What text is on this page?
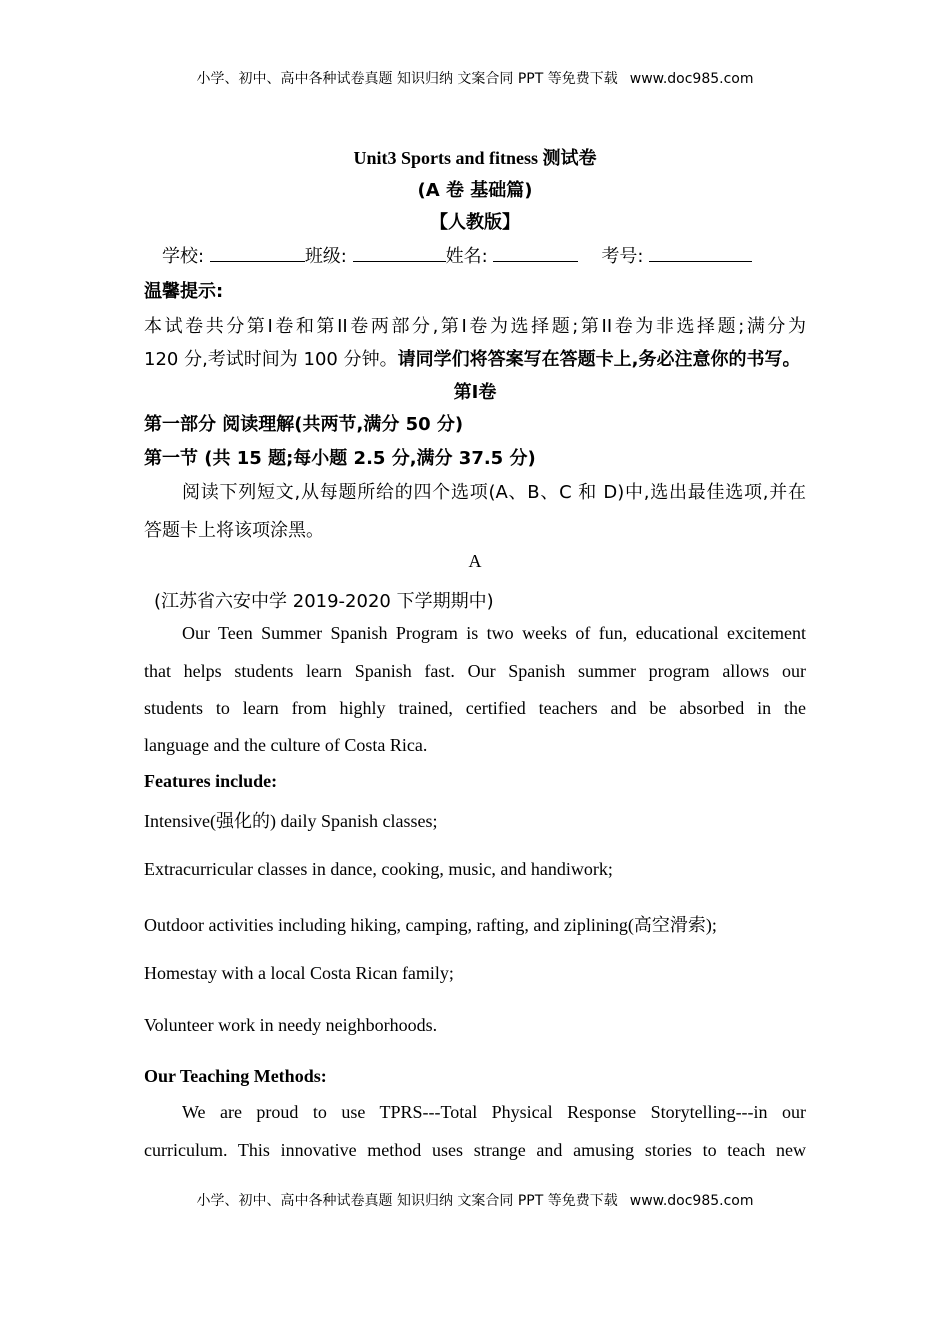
小学、初中、高中各种试卷真题 知识归纳 文案合同 PPT 等免费下载 www.doc985.com
Unit3 Sports and fitness 测试卷
(A 卷 基础篇)
【人教版】
学校:	班级:	姓名:	考号:
温馨提示:
本试卷共分第I卷和第II卷两部分,第I卷为选择题;第II卷为非选择题;满分为
120 分,考试时间为 100 分钟。请同学们将答案写在答题卡上,务必注意你的书写。
第I卷
第一部分 阅读理解(共两节,满分 50 分)
第一节 (共 15 题;每小题 2.5 分,满分 37.5 分)
阅读下列短文,从每题所给的四个选项(A、B、C 和 D)中,选出最佳选项,并在
答题卡上将该项涂黑。
A
(江苏省六安中学 2019-2020 下学期期中)
Our Teen Summer Spanish Program is two weeks of fun, educational excitement
that helps students learn Spanish fast. Our Spanish summer program allows our
students to learn from highly trained, certified teachers and be absorbed in the
language and the culture of Costa Rica.
Features include:
Intensive(强化的) daily Spanish classes;
Extracurricular classes in dance, cooking, music, and handiwork;
Outdoor activities including hiking, camping, rafting, and ziplining(高空滑索);
Homestay with a local Costa Rican family;
Volunteer work in needy neighborhoods.
Our Teaching Methods:
We are proud to use TPRS---Total Physical Response Storytelling---in our
curriculum. This innovative method uses strange and amusing stories to teach new
小学、初中、高中各种试卷真题 知识归纳 文案合同 PPT 等免费下载 www.doc985.com
